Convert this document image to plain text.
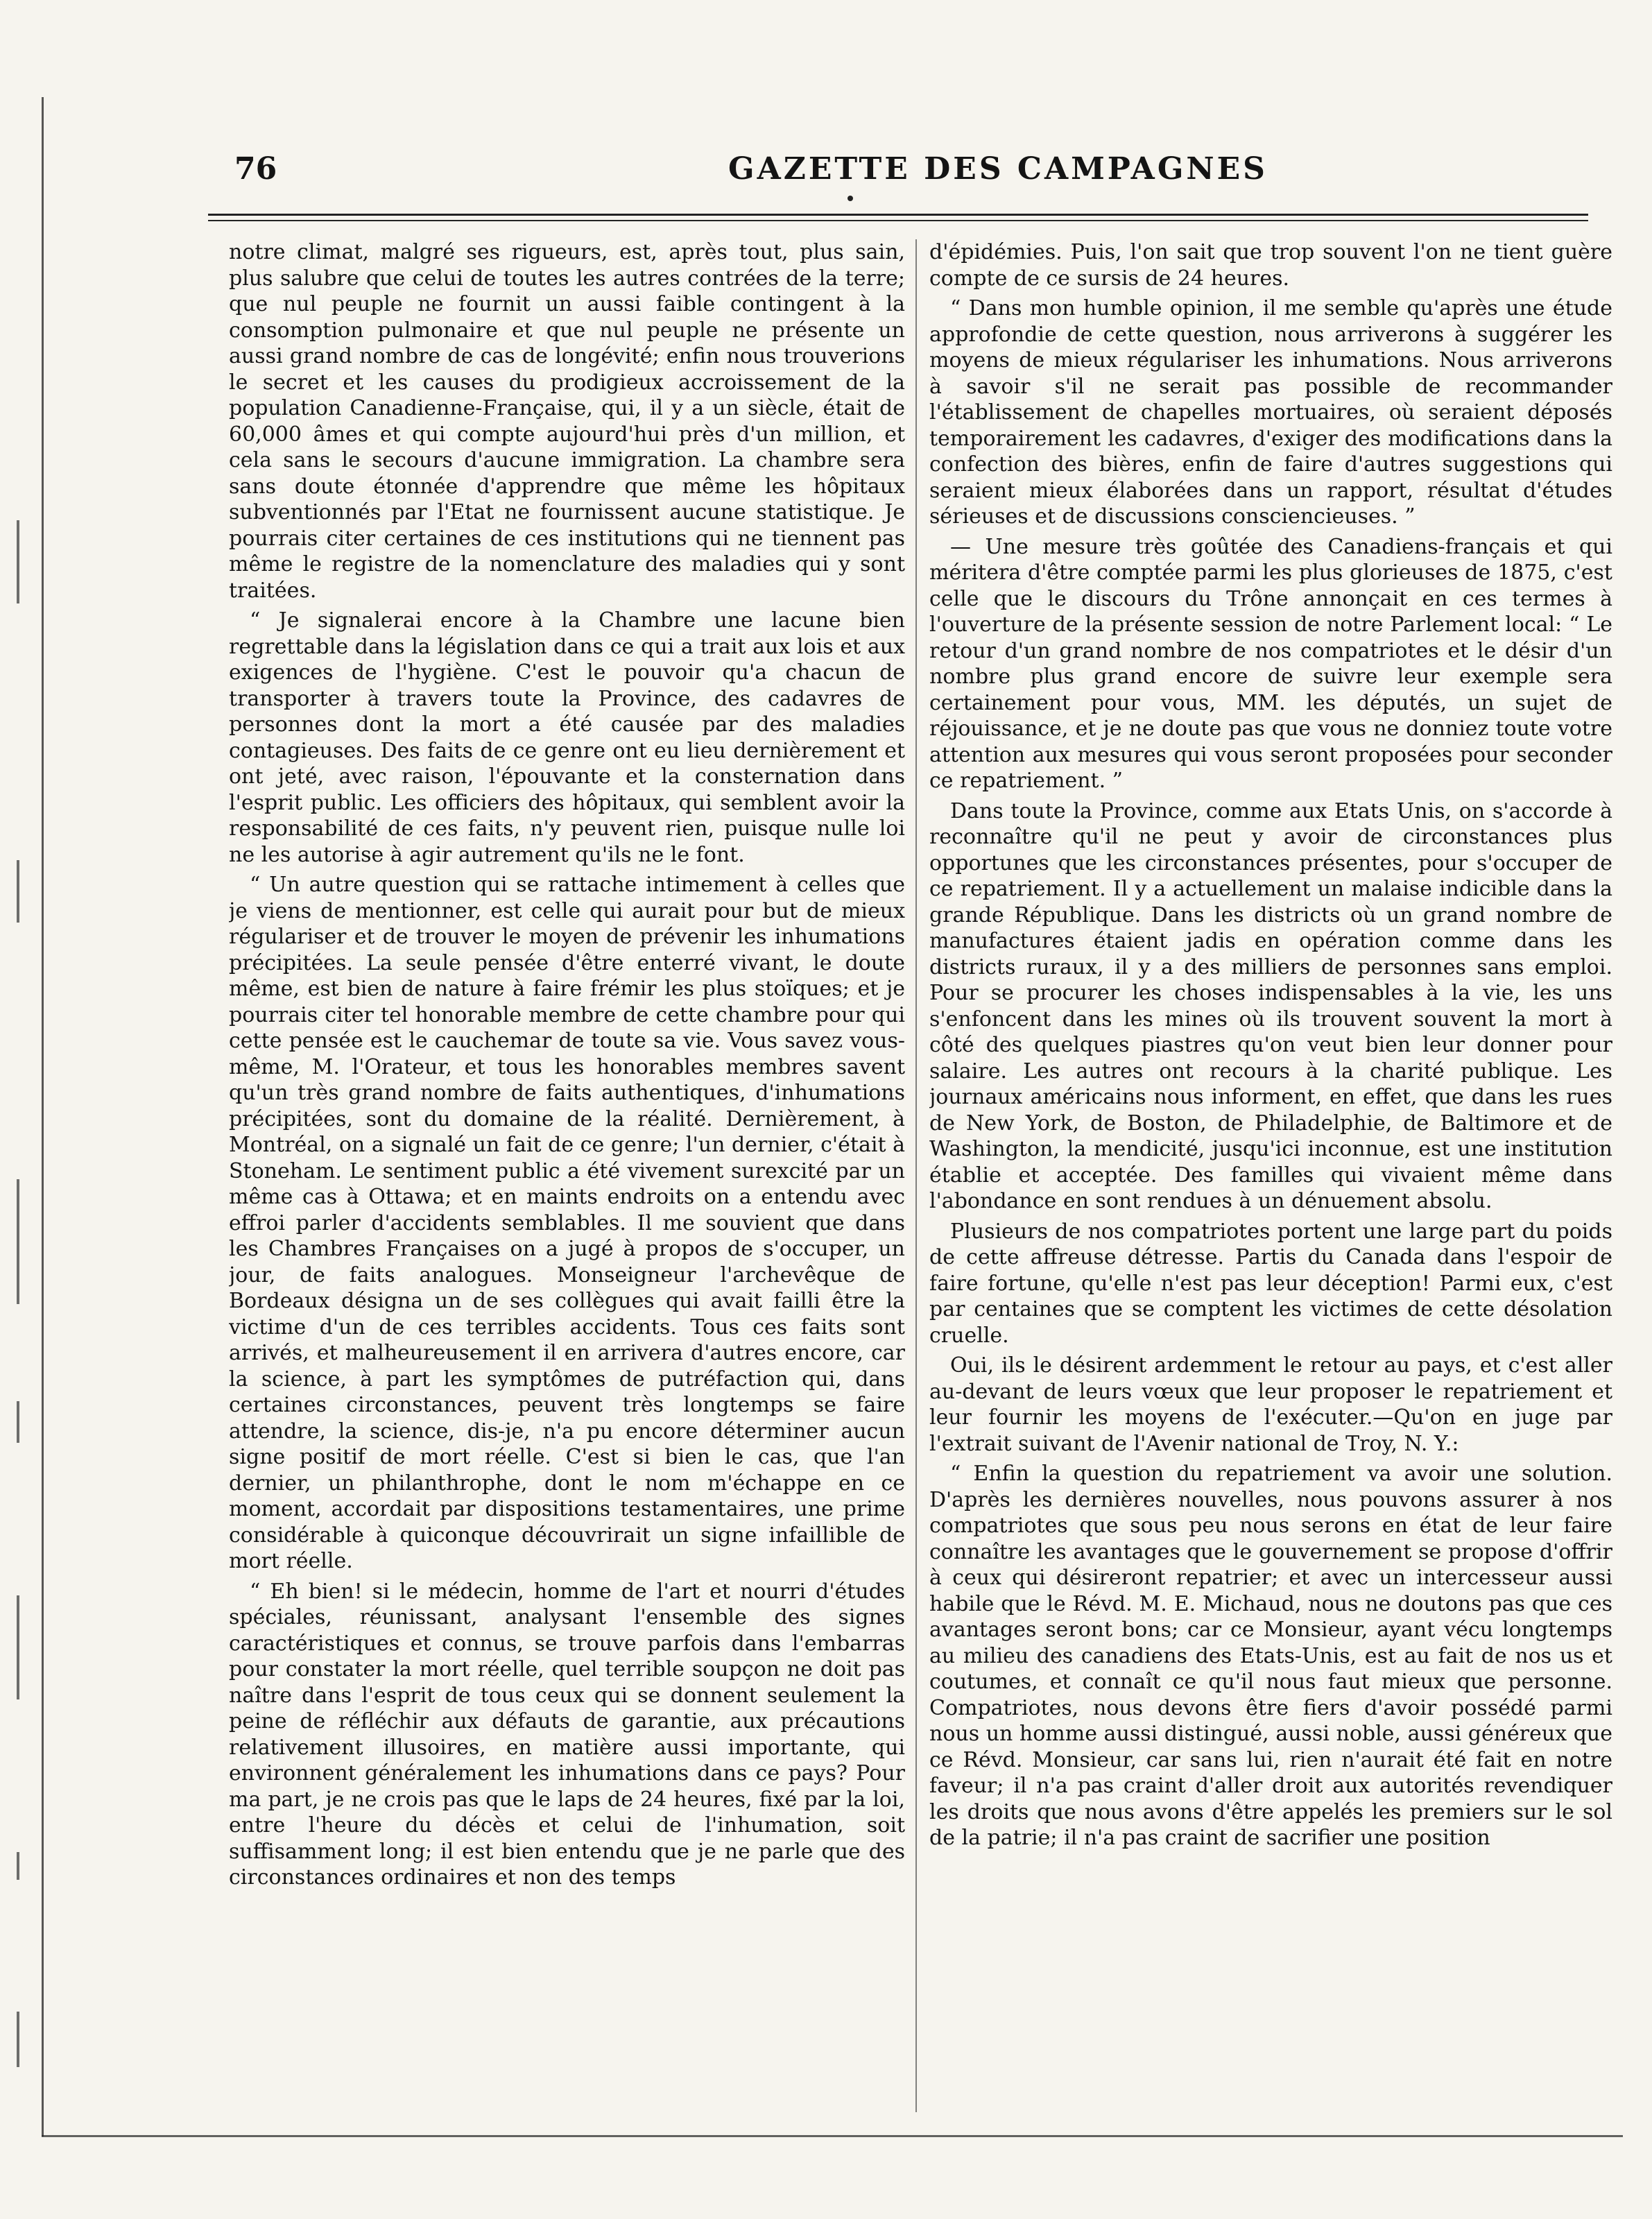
76	GAZETTE DES CAMPAGNES

notre climat, malgré ses rigueurs, est, après tout, plus sain, plus salubre que celui de toutes les autres contrées de la terre; que nul peuple ne fournit un aussi faible contingent à la consomption pulmonaire et que nul peuple ne présente un aussi grand nombre de cas de longévité; enfin nous trouverions le secret et les causes du prodigieux accroissement de la population Canadienne-Française, qui, il y a un siècle, était de 60,000 âmes et qui compte aujourd'hui près d'un million, et cela sans le secours d'aucune immigration. La chambre sera sans doute étonnée d'apprendre que même les hôpitaux subventionnés par l'Etat ne fournissent aucune statistique. Je pourrais citer certaines de ces institutions qui ne tiennent pas même le registre de la nomenclature des maladies qui y sont traitées.

“ Je signalerai encore à la Chambre une lacune bien regrettable dans la législation dans ce qui a trait aux lois et aux exigences de l'hygiène. C'est le pouvoir qu'a chacun de transporter à travers toute la Province, des cadavres de personnes dont la mort a été causée par des maladies contagieuses. Des faits de ce genre ont eu lieu dernièrement et ont jeté, avec raison, l'épouvante et la consternation dans l'esprit public. Les officiers des hôpitaux, qui semblent avoir la responsabilité de ces faits, n'y peuvent rien, puisque nulle loi ne les autorise à agir autrement qu'ils ne le font.

“ Un autre question qui se rattache intimement à celles que je viens de mentionner, est celle qui aurait pour but de mieux régulariser et de trouver le moyen de prévenir les inhumations précipitées. La seule pensée d'être enterré vivant, le doute même, est bien de nature à faire frémir les plus stoïques; et je pourrais citer tel honorable membre de cette chambre pour qui cette pensée est le cauchemar de toute sa vie. Vous savez vous-même, M. l'Orateur, et tous les honorables membres savent qu'un très grand nombre de faits authentiques, d'inhumations précipitées, sont du domaine de la réalité. Dernièrement, à Montréal, on a signalé un fait de ce genre; l'un dernier, c'était à Stoneham. Le sentiment public a été vivement surexcité par un même cas à Ottawa; et en maints endroits on a entendu avec effroi parler d'accidents semblables. Il me souvient que dans les Chambres Françaises on a jugé à propos de s'occuper, un jour, de faits analogues. Monseigneur l'archevêque de Bordeaux désigna un de ses collègues qui avait failli être la victime d'un de ces terribles accidents. Tous ces faits sont arrivés, et malheureusement il en arrivera d'autres encore, car la science, à part les symptômes de putréfaction qui, dans certaines circonstances, peuvent très longtemps se faire attendre, la science, dis-je, n'a pu encore déterminer aucun signe positif de mort réelle. C'est si bien le cas, que l'an dernier, un philanthrophe, dont le nom m'échappe en ce moment, accordait par dispositions testamentaires, une prime considérable à quiconque découvrirait un signe infaillible de mort réelle.

“ Eh bien! si le médecin, homme de l'art et nourri d'études spéciales, réunissant, analysant l'ensemble des signes caractéristiques et connus, se trouve parfois dans l'embarras pour constater la mort réelle, quel terrible soupçon ne doit pas naître dans l'esprit de tous ceux qui se donnent seulement la peine de réfléchir aux défauts de garantie, aux précautions relativement illusoires, en matière aussi importante, qui environnent généralement les inhumations dans ce pays? Pour ma part, je ne crois pas que le laps de 24 heures, fixé par la loi, entre l'heure du décès et celui de l'inhumation, soit suffisamment long; il est bien entendu que je ne parle que des circonstances ordinaires et non des temps

d'épidémies. Puis, l'on sait que trop souvent l'on ne tient guère compte de ce sursis de 24 heures.

“ Dans mon humble opinion, il me semble qu'après une étude approfondie de cette question, nous arriverons à suggérer les moyens de mieux régulariser les inhumations. Nous arriverons à savoir s'il ne serait pas possible de recommander l'établissement de chapelles mortuaires, où seraient déposés temporairement les cadavres, d'exiger des modifications dans la confection des bières, enfin de faire d'autres suggestions qui seraient mieux élaborées dans un rapport, résultat d'études sérieuses et de discussions consciencieuses. ”

— Une mesure très goûtée des Canadiens-français et qui méritera d'être comptée parmi les plus glorieuses de 1875, c'est celle que le discours du Trône annonçait en ces termes à l'ouverture de la présente session de notre Parlement local: “ Le retour d'un grand nombre de nos compatriotes et le désir d'un nombre plus grand encore de suivre leur exemple sera certainement pour vous, MM. les députés, un sujet de réjouissance, et je ne doute pas que vous ne donniez toute votre attention aux mesures qui vous seront proposées pour seconder ce repatriement. ”

Dans toute la Province, comme aux Etats Unis, on s'accorde à reconnaître qu'il ne peut y avoir de circonstances plus opportunes que les circonstances présentes, pour s'occuper de ce repatriement. Il y a actuellement un malaise indicible dans la grande République. Dans les districts où un grand nombre de manufactures étaient jadis en opération comme dans les districts ruraux, il y a des milliers de personnes sans emploi. Pour se procurer les choses indispensables à la vie, les uns s'enfoncent dans les mines où ils trouvent souvent la mort à côté des quelques piastres qu'on veut bien leur donner pour salaire. Les autres ont recours à la charité publique. Les journaux américains nous informent, en effet, que dans les rues de New York, de Boston, de Philadelphie, de Baltimore et de Washington, la mendicité, jusqu'ici inconnue, est une institution établie et acceptée. Des familles qui vivaient même dans l'abondance en sont rendues à un dénuement absolu.

Plusieurs de nos compatriotes portent une large part du poids de cette affreuse détresse. Partis du Canada dans l'espoir de faire fortune, qu'elle n'est pas leur déception! Parmi eux, c'est par centaines que se comptent les victimes de cette désolation cruelle.

Oui, ils le désirent ardemment le retour au pays, et c'est aller au-devant de leurs vœux que leur proposer le repatriement et leur fournir les moyens de l'exécuter.—Qu'on en juge par l'extrait suivant de l'Avenir national de Troy, N. Y.:

“ Enfin la question du repatriement va avoir une solution. D'après les dernières nouvelles, nous pouvons assurer à nos compatriotes que sous peu nous serons en état de leur faire connaître les avantages que le gouvernement se propose d'offrir à ceux qui désireront repatrier; et avec un intercesseur aussi habile que le Révd. M. E. Michaud, nous ne doutons pas que ces avantages seront bons; car ce Monsieur, ayant vécu longtemps au milieu des canadiens des Etats-Unis, est au fait de nos us et coutumes, et connaît ce qu'il nous faut mieux que personne. Compatriotes, nous devons être fiers d'avoir possédé parmi nous un homme aussi distingué, aussi noble, aussi généreux que ce Révd. Monsieur, car sans lui, rien n'aurait été fait en notre faveur; il n'a pas craint d'aller droit aux autorités revendiquer les droits que nous avons d'être appelés les premiers sur le sol de la patrie; il n'a pas craint de sacrifier une position
